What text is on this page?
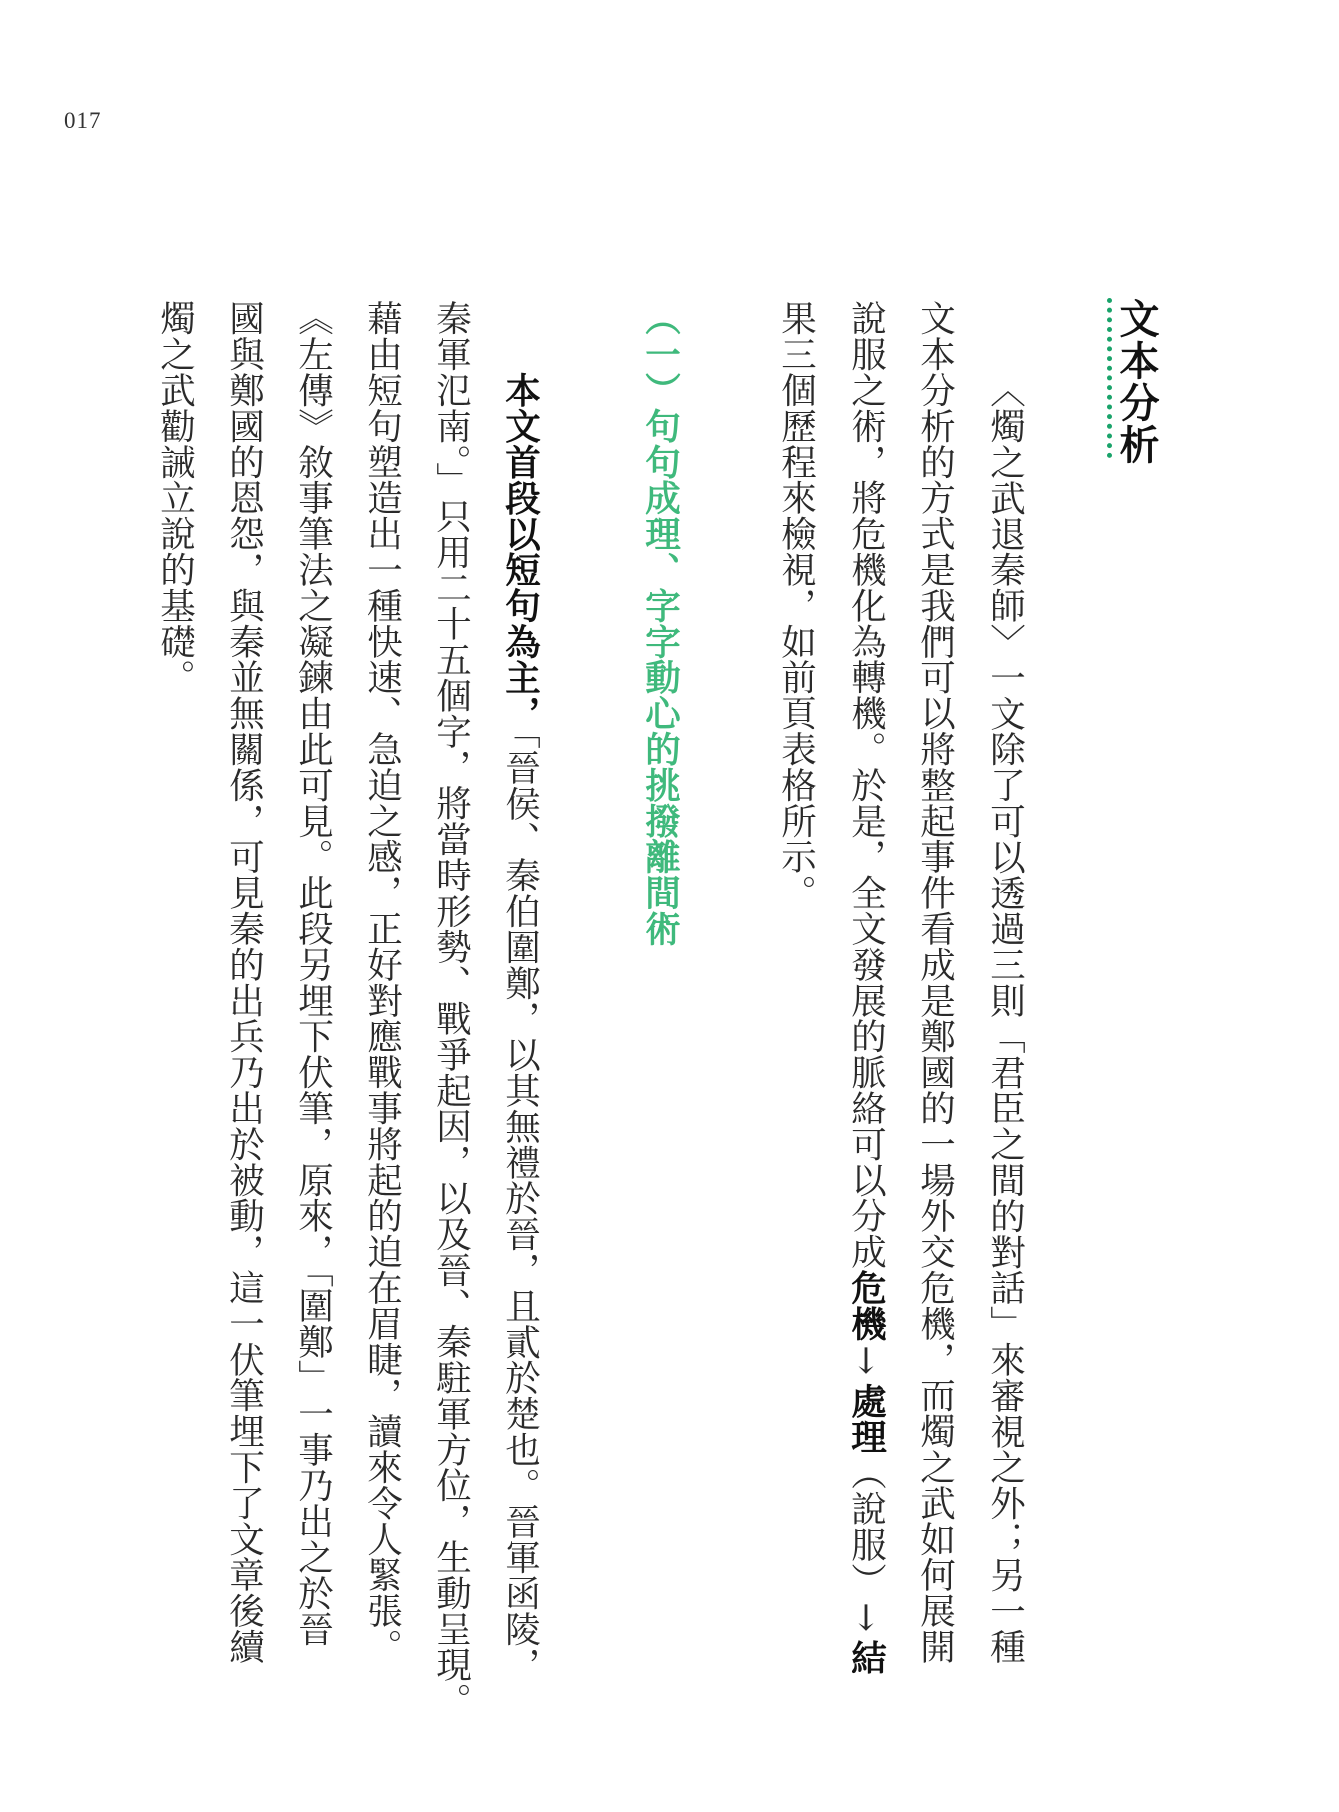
017
文本分析
〈燭之武退秦師〉一文除了可以透過三則「君臣之間的對話」來審視之外；另一種
文本分析的方式是我們可以將整起事件看成是鄭國的一場外交危機，而燭之武如何展開
說服之術，將危機化為轉機。於是，全文發展的脈絡可以分成危機↓處理（說服）↓結
果三個歷程來檢視，如前頁表格所示。
（一）句句成理、字字動心的挑撥離間術
本文首段以短句為主，「晉侯、秦伯圍鄭，以其無禮於晉，且貳於楚也。晉軍函陵，
秦軍氾南。」只用二十五個字，將當時形勢、戰爭起因，以及晉、秦駐軍方位，生動呈現。
藉由短句塑造出一種快速、急迫之感，正好對應戰事將起的迫在眉睫，讀來令人緊張。
《左傳》敘事筆法之凝鍊由此可見。此段另埋下伏筆，原來，「圍鄭」一事乃出之於晉
國與鄭國的恩怨，與秦並無關係，可見秦的出兵乃出於被動，這一伏筆埋下了文章後續
燭之武勸誡立說的基礎。
